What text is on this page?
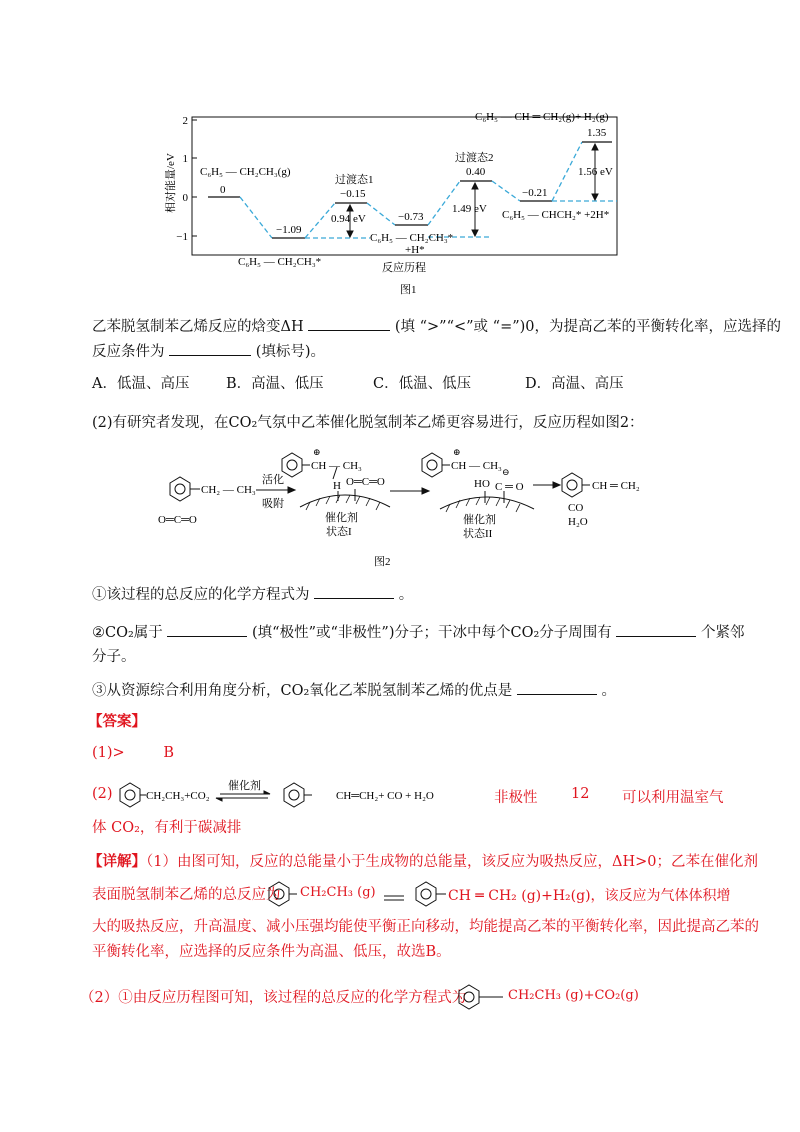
2
1
0
−1
相对能量/eV C₆H₅ — CH₂CH₃(g)
0
−1.09
过渡态1
−0.15
0.94 eV	−0.73
C₆H₅ — CH₂CH₃*
+H*
过渡态2
0.40
1.49 eV
−0.21
C₆H₅ — CHCH₂* +2H*
1.35
1.56 eV
C₆H₅ — CH ═ CH₂(g)+ H₂(g)
C₆H₅ — CH₂CH₃*	反应历程
图1
乙苯脱氢制苯乙烯反应的焓变ΔH	(填 “>”“<”或 “=”)0，为提高乙苯的平衡转化率，应选择的
反应条件为	(填标号)。
A．低温、高压	B．高温、低压	C．低温、低压	D．高温、高压
(2)有研究者发现，在CO₂气氛中乙苯催化脱氢制苯乙烯更容易进行，反应历程如图2：
CH₂ — CH₃
O═C═O
活化
吸附
⊕
CH — CH₃
H O═C═O
催化剂
状态I
⊕
CH — CH₃ ⊖
HO C ═ O
催化剂
状态II
CH ═ CH₂
CO
H₂O
图2
①该过程的总反应的化学方程式为	。
②CO₂属于	(填“极性”或“非极性”)分子；干冰中每个CO₂分子周围有	个紧邻
分子。
③从资源综合利用角度分析，CO₂氧化乙苯脱氢制苯乙烯的优点是	。
【答案】
(1)>	B
(2)	CH₂CH₃+CO₂
催化剂
CH═CH₂+ CO + H₂O	非极性 12 可以利用温室气
体 CO₂，有利于碳减排
【详解】（1）由图可知，反应的总能量小于生成物的总能量，该反应为吸热反应，ΔH>0；乙苯在催化剂
表面脱氢制苯乙烯的总反应为 CH₂CH₃ (g)	CH ═ CH₂ (g)+H₂(g)，该反应为气体体积增
大的吸热反应，升高温度、减小压强均能使平衡正向移动，均能提高乙苯的平衡转化率，因此提高乙苯的
平衡转化率，应选择的反应条件为高温、低压，故选B。
（2）①由反应历程图可知，该过程的总反应的化学方程式为	CH₂CH₃ (g)+CO₂(g)
